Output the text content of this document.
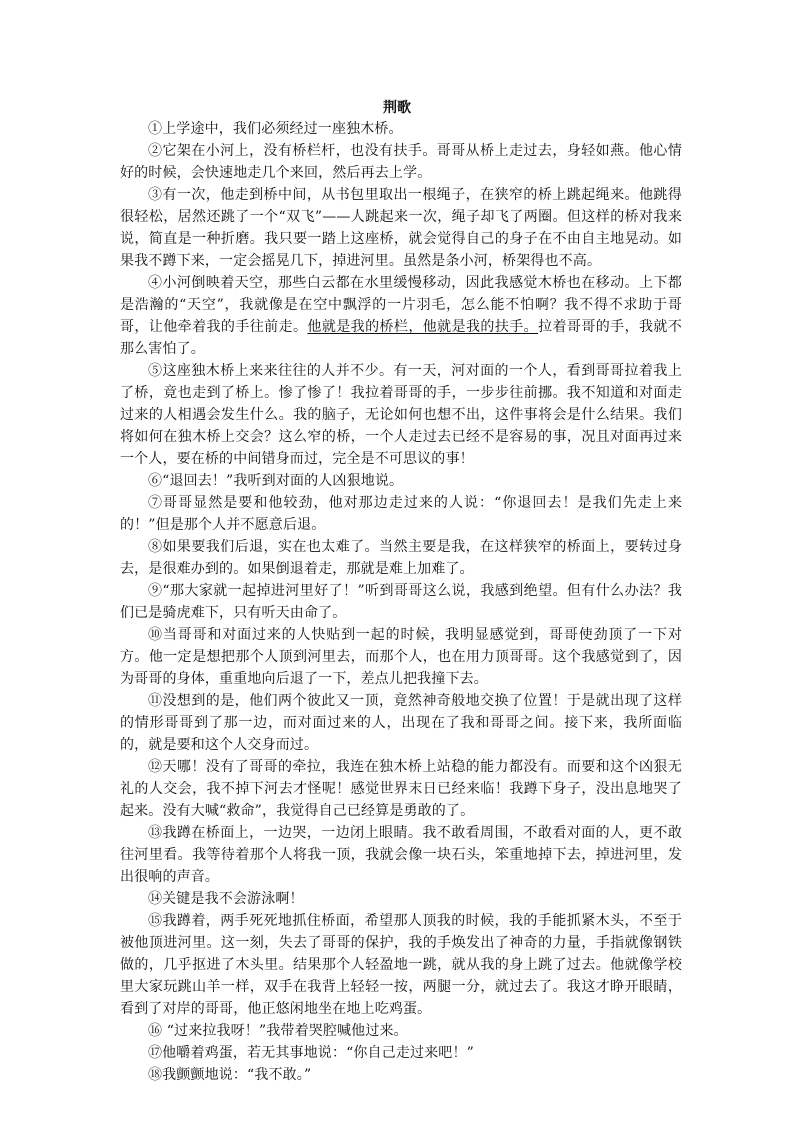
荆歌

①上学途中，我们必须经过一座独木桥。

②它架在小河上，没有桥栏杆，也没有扶手。哥哥从桥上走过去，身轻如燕。他心情好的时候，会快速地走几个来回，然后再去上学。

③有一次，他走到桥中间，从书包里取出一根绳子，在狭窄的桥上跳起绳来。他跳得很轻松，居然还跳了一个“双飞”——人跳起来一次，绳子却飞了两圈。但这样的桥对我来说，简直是一种折磨。我只要一踏上这座桥，就会觉得自己的身子在不由自主地晃动。如果我不蹲下来，一定会摇晃几下，掉进河里。虽然是条小河，桥架得也不高。

④小河倒映着天空，那些白云都在水里缓慢移动，因此我感觉木桥也在移动。上下都是浩瀚的“天空”，我就像是在空中飘浮的一片羽毛，怎么能不怕啊？我不得不求助于哥哥，让他牵着我的手往前走。他就是我的桥栏，他就是我的扶手。拉着哥哥的手，我就不那么害怕了。

⑤这座独木桥上来来往往的人并不少。有一天，河对面的一个人，看到哥哥拉着我上了桥，竟也走到了桥上。惨了惨了！我拉着哥哥的手，一步步往前挪。我不知道和对面走过来的人相遇会发生什么。我的脑子，无论如何也想不出，这件事将会是什么结果。我们将如何在独木桥上交会？这么窄的桥，一个人走过去已经不是容易的事，况且对面再过来一个人，要在桥的中间错身而过，完全是不可思议的事！

⑥“退回去！”我听到对面的人凶狠地说。

⑦哥哥显然是要和他较劲，他对那边走过来的人说：“你退回去！是我们先走上来的！”但是那个人并不愿意后退。

⑧如果要我们后退，实在也太难了。当然主要是我，在这样狭窄的桥面上，要转过身去，是很难办到的。如果倒退着走，那就是难上加难了。

⑨“那大家就一起掉进河里好了！”听到哥哥这么说，我感到绝望。但有什么办法？我们已是骑虎难下，只有听天由命了。

⑩当哥哥和对面过来的人快贴到一起的时候，我明显感觉到，哥哥使劲顶了一下对方。他一定是想把那个人顶到河里去，而那个人，也在用力顶哥哥。这个我感觉到了，因为哥哥的身体，重重地向后退了一下，差点儿把我撞下去。

⑪没想到的是，他们两个彼此又一顶，竟然神奇般地交换了位置！于是就出现了这样的情形哥哥到了那一边，而对面过来的人，出现在了我和哥哥之间。接下来，我所面临的，就是要和这个人交身而过。

⑫天哪！没有了哥哥的牵拉，我连在独木桥上站稳的能力都没有。而要和这个凶狠无礼的人交会，我不掉下河去才怪呢！感觉世界末日已经来临！我蹲下身子，没出息地哭了起来。没有大喊“救命”，我觉得自己已经算是勇敢的了。

⑬我蹲在桥面上，一边哭，一边闭上眼睛。我不敢看周围，不敢看对面的人，更不敢往河里看。我等待着那个人将我一顶，我就会像一块石头，笨重地掉下去，掉进河里，发出很响的声音。

⑭关键是我不会游泳啊！

⑮我蹲着，两手死死地抓住桥面，希望那人顶我的时候，我的手能抓紧木头，不至于被他顶进河里。这一刻，失去了哥哥的保护，我的手焕发出了神奇的力量，手指就像钢铁做的，几乎抠进了木头里。结果那个人轻盈地一跳，就从我的身上跳了过去。他就像学校里大家玩跳山羊一样，双手在我背上轻轻一按，两腿一分，就过去了。我这才睁开眼睛，看到了对岸的哥哥，他正悠闲地坐在地上吃鸡蛋。

⑯ “过来拉我呀！”我带着哭腔喊他过来。

⑰他嚼着鸡蛋，若无其事地说：“你自己走过来吧！”

⑱我颤颤地说：“我不敢。”
